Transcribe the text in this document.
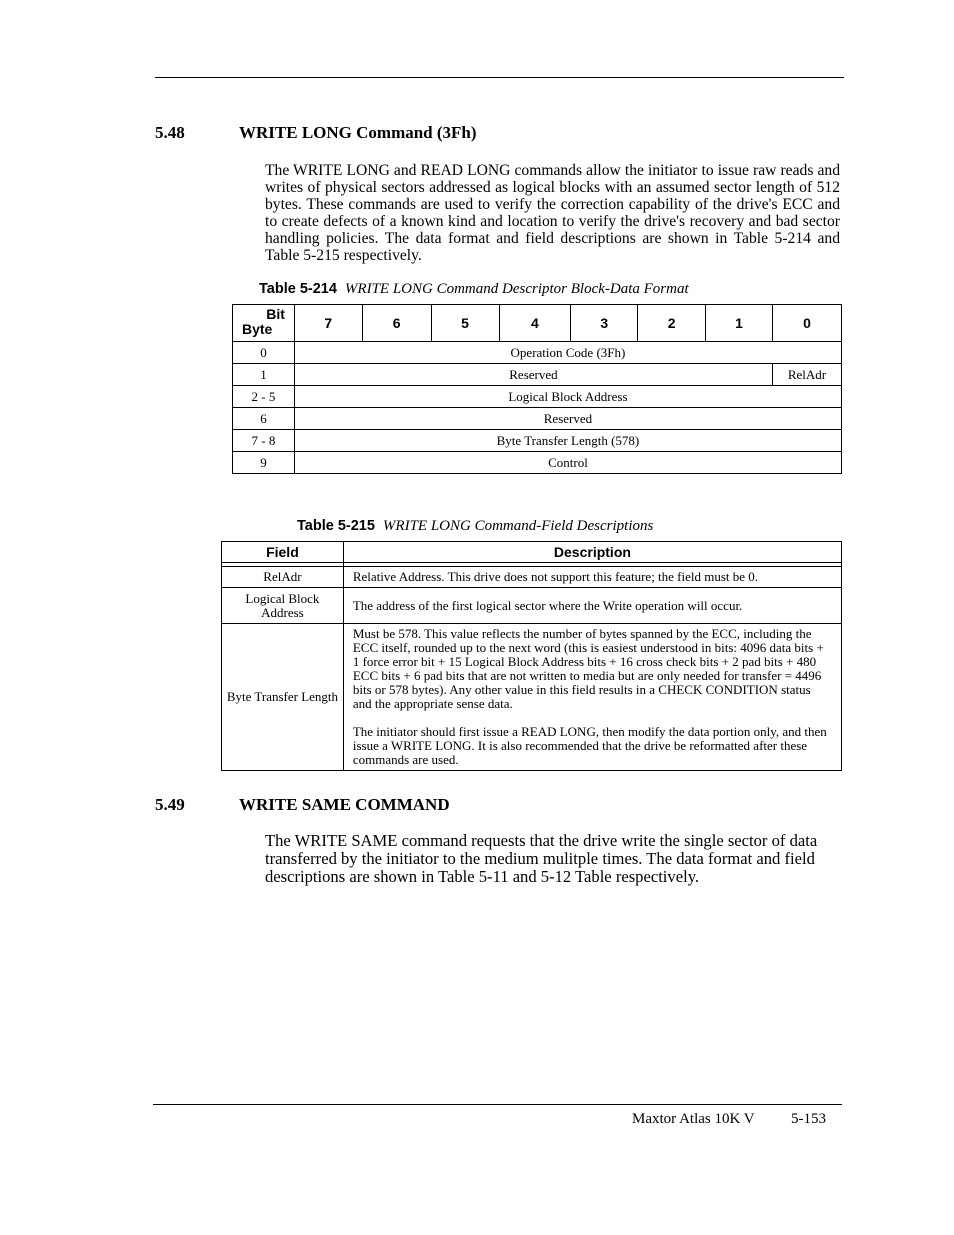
5.48	WRITE LONG Command (3Fh)
The WRITE LONG and READ LONG commands allow the initiator to issue raw reads and writes of physical sectors addressed as logical blocks with an assumed sector length of 512 bytes. These commands are used to verify the correction capability of the drive's ECC and to create defects of a known kind and location to verify the drive's recovery and bad sector handling policies. The data format and field descriptions are shown in Table 5-214 and Table 5-215 respectively.
Table 5-214 WRITE LONG Command Descriptor Block-Data Format
Bit
Byte	7	6	5	4	3	2	1	0
0	Operation Code (3Fh)							
1	Reserved							RelAdr
2 - 5	Logical Block Address							
6	Reserved							
7 - 8	Byte Transfer Length (578)							
9	Control							
Table 5-215 WRITE LONG Command-Field Descriptions
Field	Description

RelAdr	Relative Address. This drive does not support this feature; the field must be 0.
Logical Block Address	The address of the first logical sector where the Write operation will occur.
Byte Transfer Length	Must be 578. This value reflects the number of bytes spanned by the ECC, including the ECC itself, rounded up to the next word (this is easiest understood in bits: 4096 data bits + 1 force error bit + 15 Logical Block Address bits + 16 cross check bits + 2 pad bits + 480 ECC bits + 6 pad bits that are not written to media but are only needed for transfer = 4496 bits or 578 bytes). Any other value in this field results in a CHECK CONDITION status and the appropriate sense data.
The initiator should first issue a READ LONG, then modify the data portion only, and then issue a WRITE LONG. It is also recommended that the drive be reformatted after these commands are used.
5.49	WRITE SAME COMMAND
The WRITE SAME command requests that the drive write the single sector of data transferred by the initiator to the medium mulitple times. The data format and field descriptions are shown in Table 5-11 and 5-12 Table respectively.
Maxtor Atlas 10K V 5-153
